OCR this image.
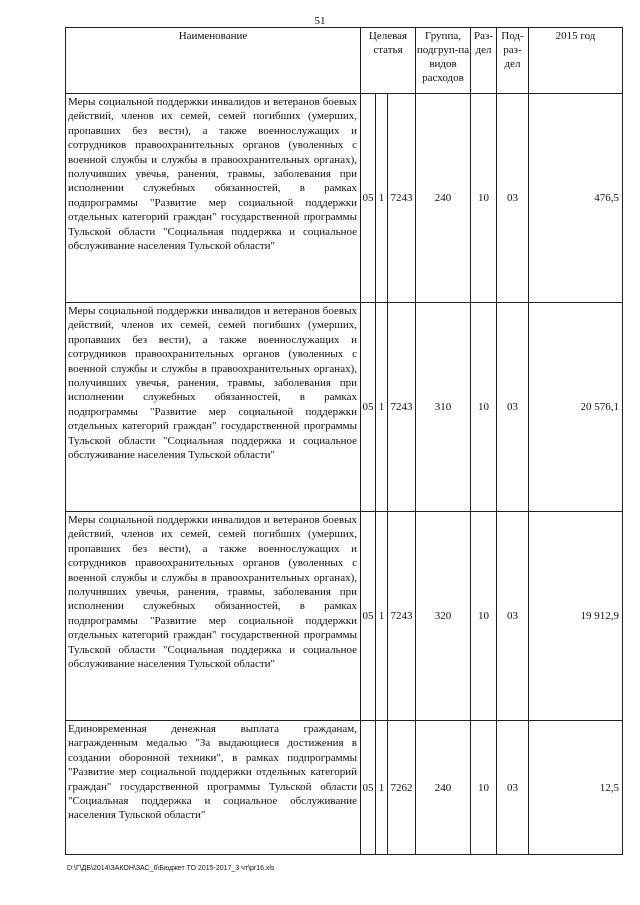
51
Наименование	Целевая статья			Группа, подгруп-па видов расходов	Раз-дел	Под-раз-дел	2015 год
Меры социальной поддержки инвалидов и ветеранов боевых действий, членов их семей, семей погибших (умерших, пропавших без вести), а также военнослужащих и сотрудников правоохранительных органов (уволенных с военной службы и службы в правоохранительных органах), получивших увечья, ранения, травмы, заболевания при исполнении служебных обязанностей, в рамках подпрограммы "Развитие мер социальной поддержки отдельных категорий граждан" государственной программы Тульской области "Социальная поддержка и социальное обслуживание населения Тульской области"	05	1	7243	240	10	03	476,5
Меры социальной поддержки инвалидов и ветеранов боевых действий, членов их семей, семей погибших (умерших, пропавших без вести), а также военнослужащих и сотрудников правоохранительных органов (уволенных с военной службы и службы в правоохранительных органах), получивших увечья, ранения, травмы, заболевания при исполнении служебных обязанностей, в рамках подпрограммы "Развитие мер социальной поддержки отдельных категорий граждан" государственной программы Тульской области "Социальная поддержка и социальное обслуживание населения Тульской области"	05	1	7243	310	10	03	20 576,1
Меры социальной поддержки инвалидов и ветеранов боевых действий, членов их семей, семей погибших (умерших, пропавших без вести), а также военнослужащих и сотрудников правоохранительных органов (уволенных с военной службы и службы в правоохранительных органах), получивших увечья, ранения, травмы, заболевания при исполнении служебных обязанностей, в рамках подпрограммы "Развитие мер социальной поддержки отдельных категорий граждан" государственной программы Тульской области "Социальная поддержка и социальное обслуживание населения Тульской области"	05	1	7243	320	10	03	19 912,9
Единовременная денежная выплата гражданам, награжденным медалью "За выдающиеся достижения в создании оборонной техники", в рамках подпрограммы "Развитие мер социальной поддержки отдельных категорий граждан" государственной программы Тульской области "Социальная поддержка и социальное обслуживание населения Тульской области"	05	1	7262	240	10	03	12,5
D:\Г\ДБ\2014\ЗАКОН\ЗАС_6\Бюджет ТО 2015-2017_3 чт\pr16.xls
